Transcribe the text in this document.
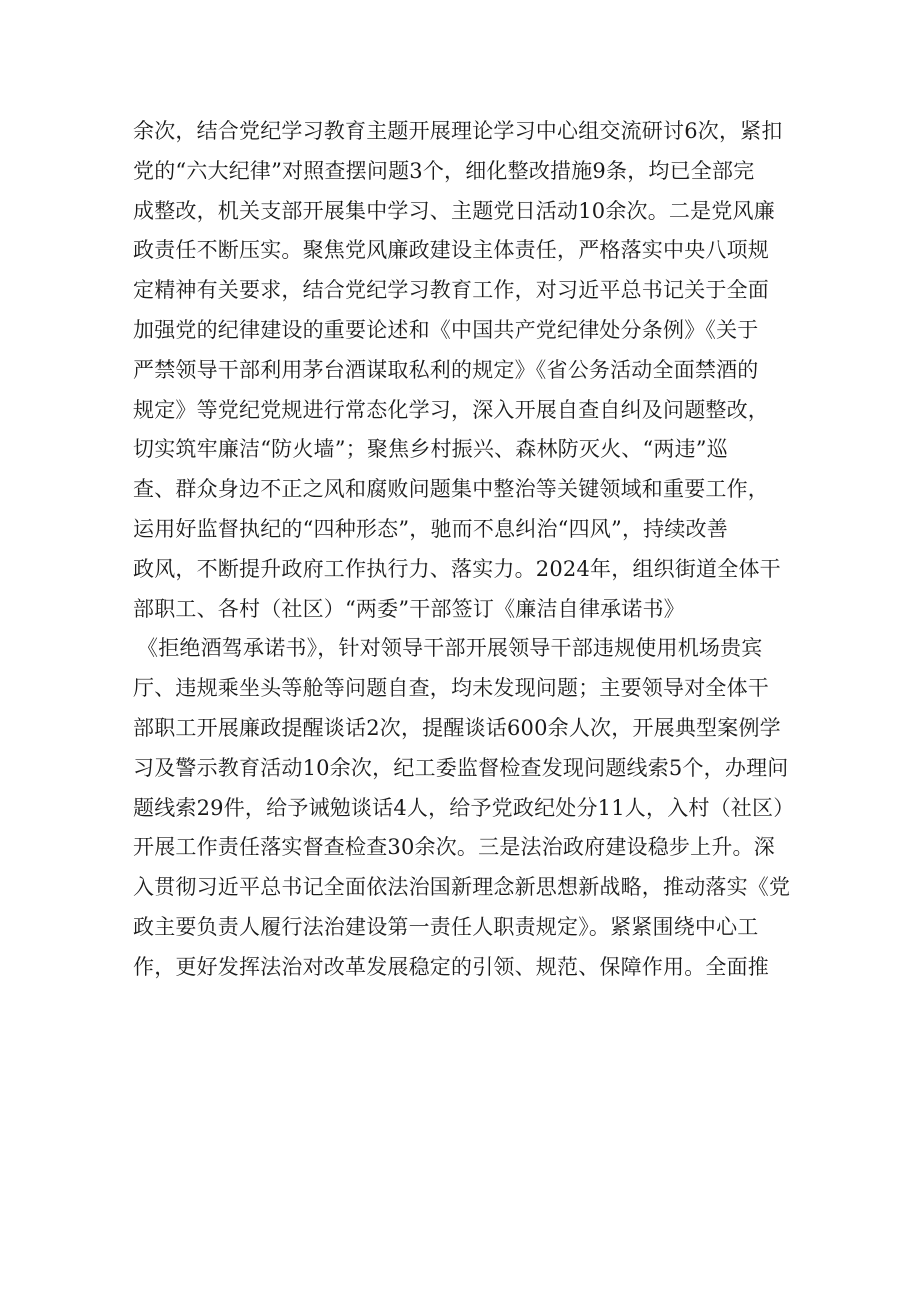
余次，结合党纪学习教育主题开展理论学习中心组交流研讨6次，紧扣
党的“六大纪律”对照查摆问题3个，细化整改措施9条，均已全部完
成整改，机关支部开展集中学习、主题党日活动10余次。二是党风廉
政责任不断压实。聚焦党风廉政建设主体责任，严格落实中央八项规
定精神有关要求，结合党纪学习教育工作，对习近平总书记关于全面
加强党的纪律建设的重要论述和《中国共产党纪律处分条例》《关于
严禁领导干部利用茅台酒谋取私利的规定》《省公务活动全面禁酒的
规定》等党纪党规进行常态化学习，深入开展自查自纠及问题整改，
切实筑牢廉洁“防火墙”；聚焦乡村振兴、森林防灭火、“两违”巡
查、群众身边不正之风和腐败问题集中整治等关键领域和重要工作，
运用好监督执纪的“四种形态”，驰而不息纠治“四风”，持续改善
政风，不断提升政府工作执行力、落实力。2024年，组织街道全体干
部职工、各村（社区）“两委”干部签订《廉洁自律承诺书》
《拒绝酒驾承诺书》，针对领导干部开展领导干部违规使用机场贵宾
厅、违规乘坐头等舱等问题自查，均未发现问题；主要领导对全体干
部职工开展廉政提醒谈话2次，提醒谈话600余人次，开展典型案例学
习及警示教育活动10余次，纪工委监督检查发现问题线索5个，办理问
题线索29件，给予诫勉谈话4人，给予党政纪处分11人，入村（社区）
开展工作责任落实督查检查30余次。三是法治政府建设稳步上升。深
入贯彻习近平总书记全面依法治国新理念新思想新战略，推动落实《党
政主要负责人履行法治建设第一责任人职责规定》。紧紧围绕中心工
作，更好发挥法治对改革发展稳定的引领、规范、保障作用。全面推
